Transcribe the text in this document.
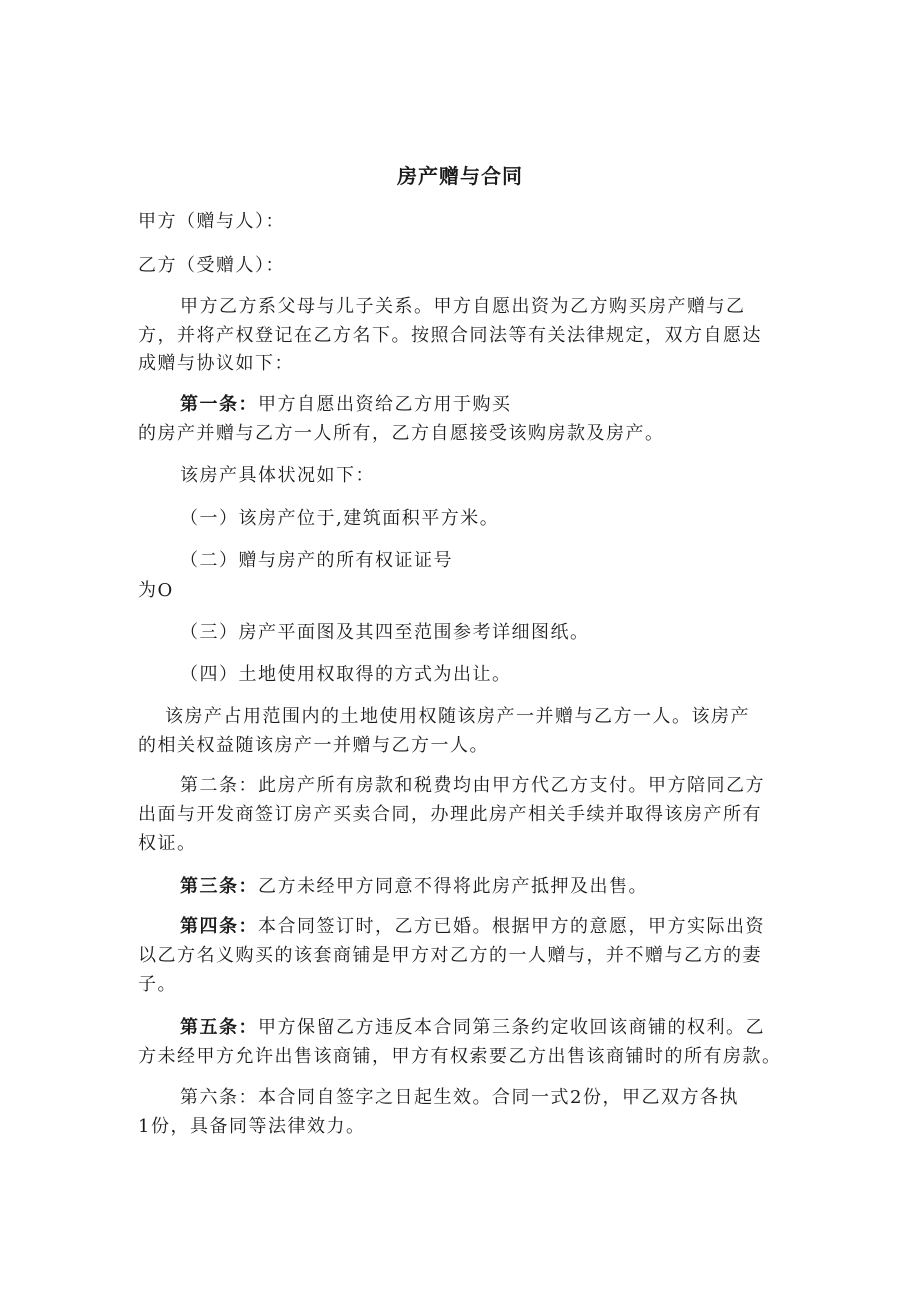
房产赠与合同
甲方（赠与人）：
乙方（受赠人）：
甲方乙方系父母与儿子关系。甲方自愿出资为乙方购买房产赠与乙
方，并将产权登记在乙方名下。按照合同法等有关法律规定，双方自愿达
成赠与协议如下：
第一条：甲方自愿出资给乙方用于购买
的房产并赠与乙方一人所有，乙方自愿接受该购房款及房产。
该房产具体状况如下：
（一）该房产位于,建筑面积平方米。
（二）赠与房产的所有权证证号
为O
（三）房产平面图及其四至范围参考详细图纸。
（四）土地使用权取得的方式为出让。
该房产占用范围内的土地使用权随该房产一并赠与乙方一人。该房产
的相关权益随该房产一并赠与乙方一人。
第二条：此房产所有房款和税费均由甲方代乙方支付。甲方陪同乙方
出面与开发商签订房产买卖合同，办理此房产相关手续并取得该房产所有
权证。
第三条：乙方未经甲方同意不得将此房产抵押及出售。
第四条：本合同签订时，乙方已婚。根据甲方的意愿，甲方实际出资
以乙方名义购买的该套商铺是甲方对乙方的一人赠与，并不赠与乙方的妻
子。
第五条：甲方保留乙方违反本合同第三条约定收回该商铺的权利。乙
方未经甲方允许出售该商铺，甲方有权索要乙方出售该商铺时的所有房款。
第六条：本合同自签字之日起生效。合同一式2份，甲乙双方各执
1份，具备同等法律效力。
